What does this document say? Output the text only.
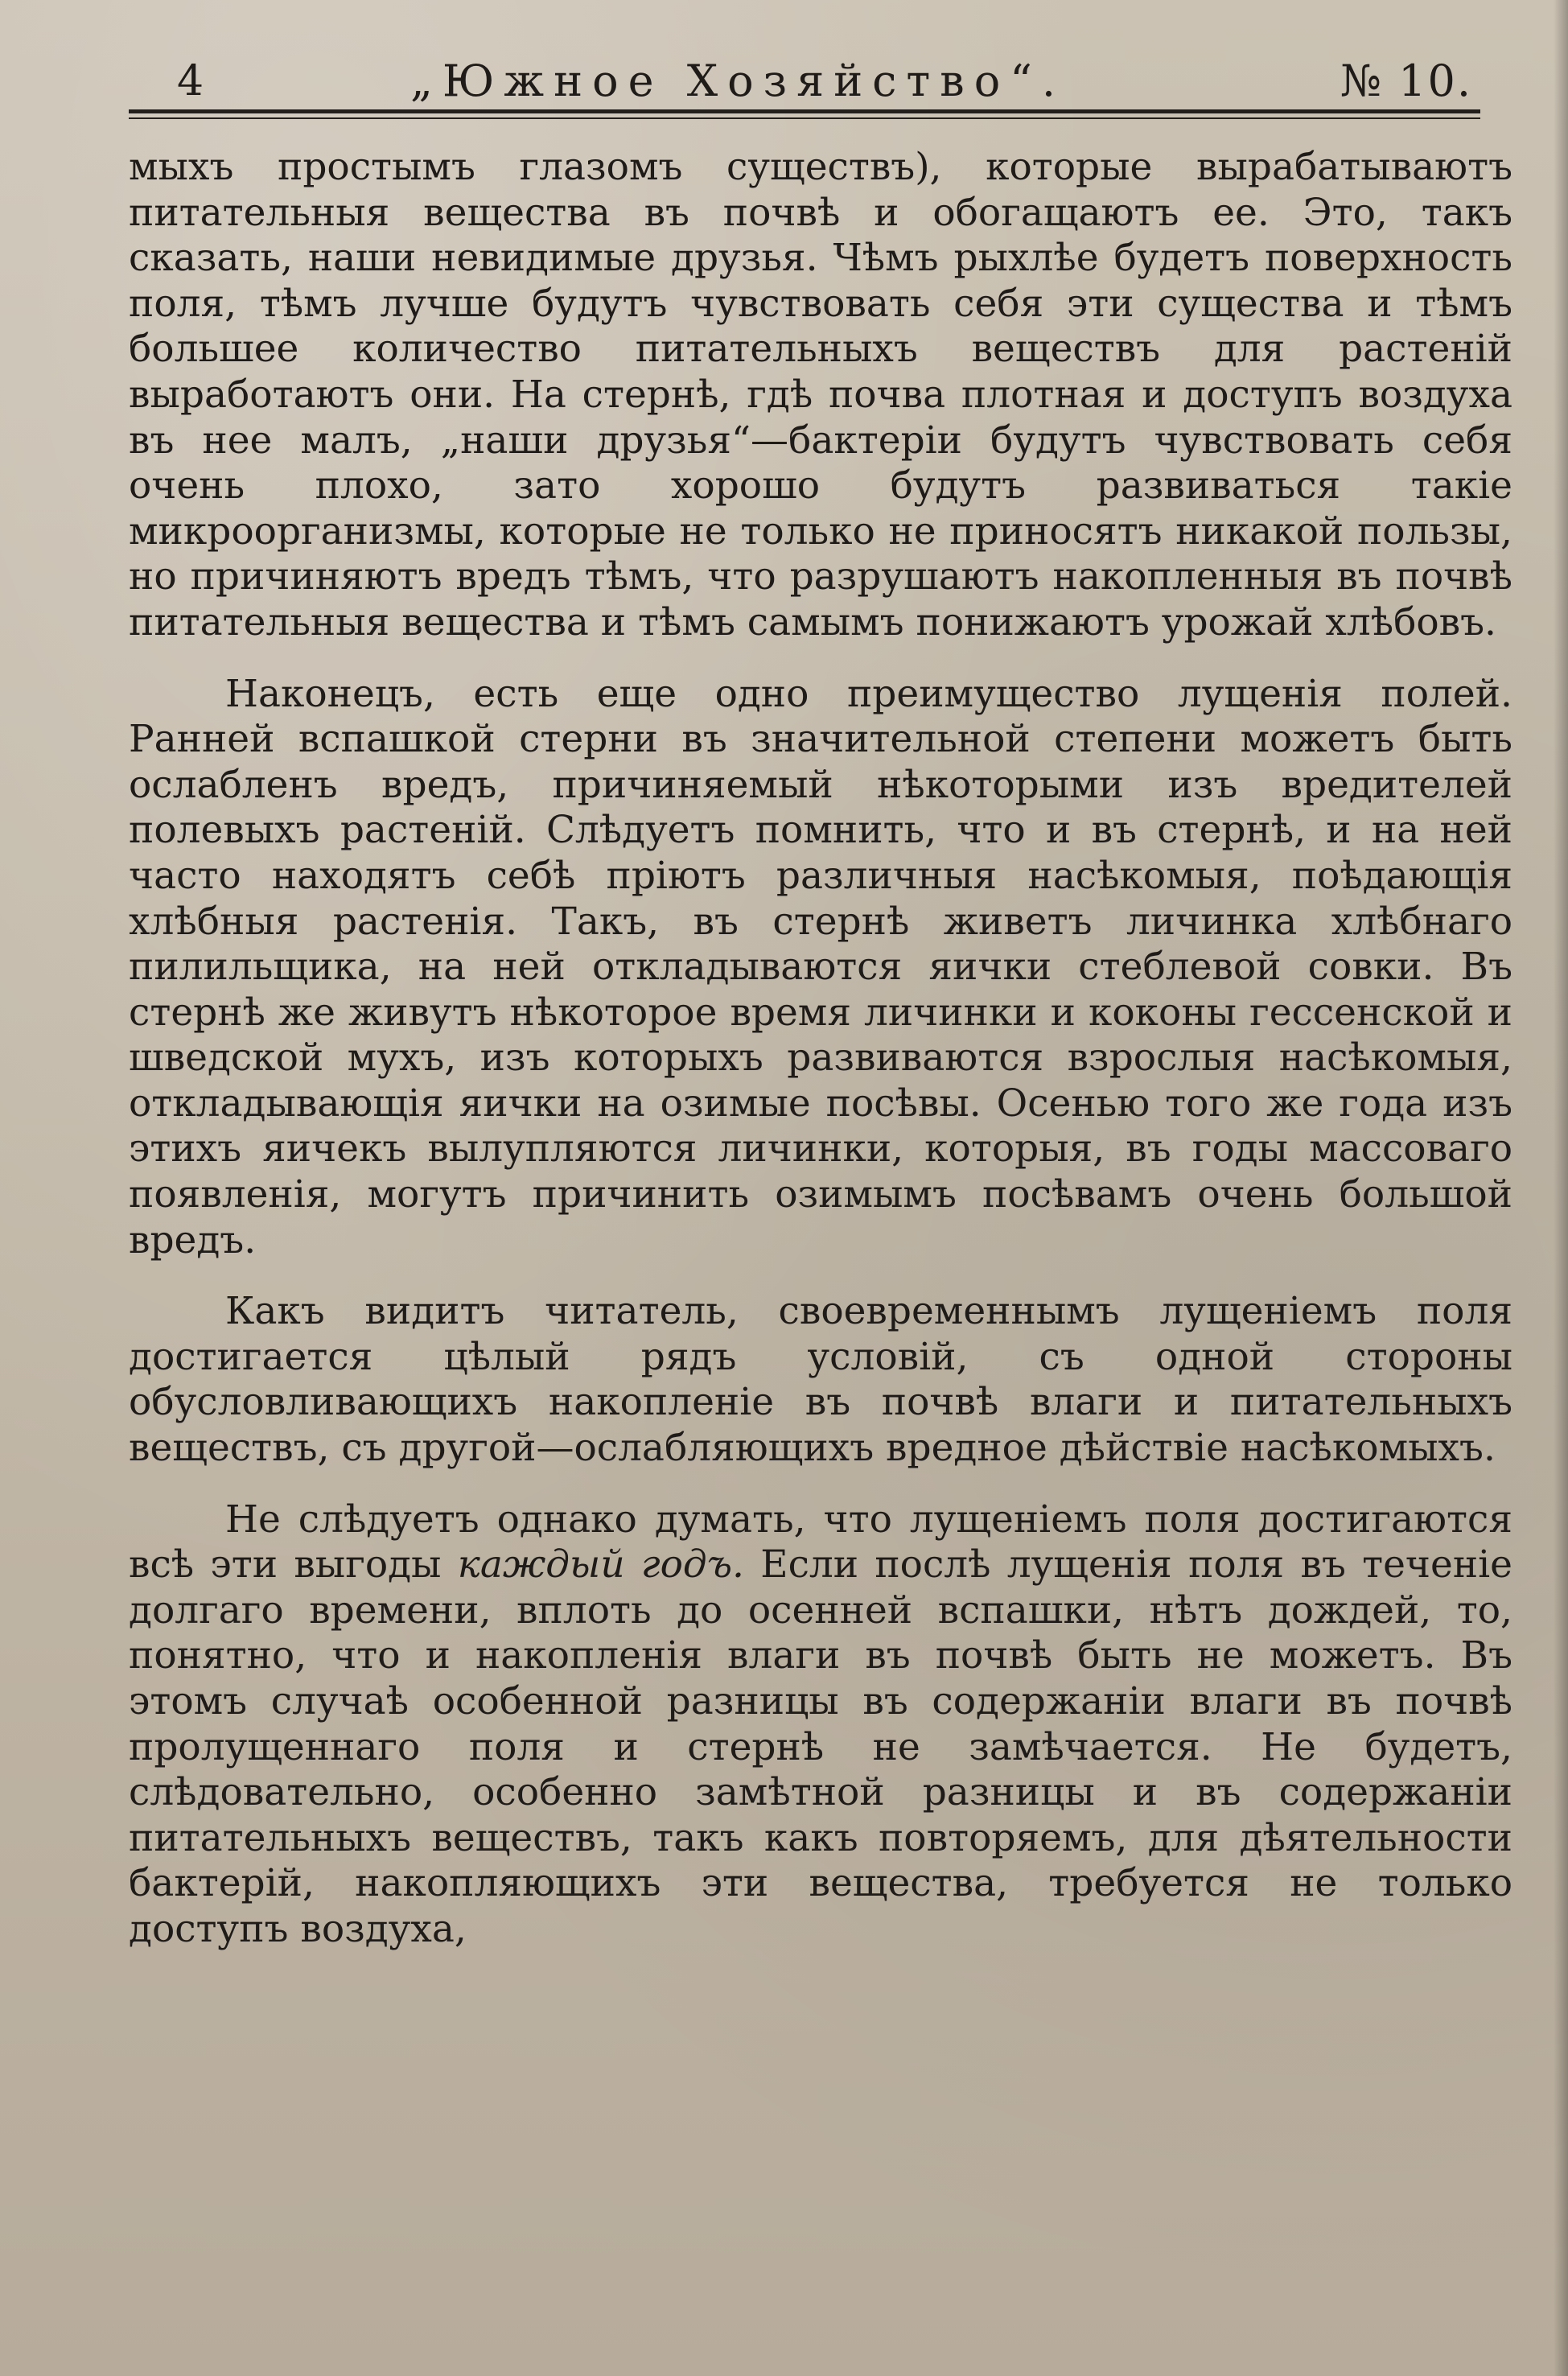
4	„Южное Хозяйство“.	№ 10.

мыхъ простымъ глазомъ существъ), которые вырабатываютъ питательныя вещества въ почвѣ и обогащаютъ ее. Это, такъ сказать, наши невидимые друзья. Чѣмъ рыхлѣе будетъ поверхность поля, тѣмъ лучше будутъ чувствовать себя эти существа и тѣмъ большее количество питательныхъ веществъ для растеній выработаютъ они. На стернѣ, гдѣ почва плотная и доступъ воздуха въ нее малъ, „наши друзья“—бактеріи будутъ чувствовать себя очень плохо, зато хорошо будутъ развиваться такіе микроорганизмы, которые не только не приносятъ никакой пользы, но причиняютъ вредъ тѣмъ, что разрушаютъ накопленныя въ почвѣ питательныя вещества и тѣмъ самымъ понижаютъ урожай хлѣбовъ.

Наконецъ, есть еще одно преимущество лущенія полей. Ранней вспашкой стерни въ значительной степени можетъ быть ослабленъ вредъ, причиняемый нѣкоторыми изъ вредителей полевыхъ растеній. Слѣдуетъ помнить, что и въ стернѣ, и на ней часто находятъ себѣ пріютъ различныя насѣкомыя, поѣдающія хлѣбныя растенія. Такъ, въ стернѣ живетъ личинка хлѣбнаго пилильщика, на ней откладываются яички стеблевой совки. Въ стернѣ же живутъ нѣкоторое время личинки и коконы гессенской и шведской мухъ, изъ которыхъ развиваются взрослыя насѣкомыя, откладывающія яички на озимые посѣвы. Осенью того же года изъ этихъ яичекъ вылупляются личинки, которыя, въ годы массоваго появленія, могутъ причинить озимымъ посѣвамъ очень большой вредъ.

Какъ видитъ читатель, своевременнымъ лущеніемъ поля достигается цѣлый рядъ условій, съ одной стороны обусловливающихъ накопленіе въ почвѣ влаги и питательныхъ веществъ, съ другой—ослабляющихъ вредное дѣйствіе насѣкомыхъ.

Не слѣдуетъ однако думать, что лущеніемъ поля достигаются всѣ эти выгоды каждый годъ. Если послѣ лущенія поля въ теченіе долгаго времени, вплоть до осенней вспашки, нѣтъ дождей, то, понятно, что и накопленія влаги въ почвѣ быть не можетъ. Въ этомъ случаѣ особенной разницы въ содержаніи влаги въ почвѣ пролущеннаго поля и стернѣ не замѣчается. Не будетъ, слѣдовательно, особенно замѣтной разницы и въ содержаніи питательныхъ веществъ, такъ какъ повторяемъ, для дѣятельности бактерій, накопляющихъ эти вещества, требуется не только доступъ воздуха,
